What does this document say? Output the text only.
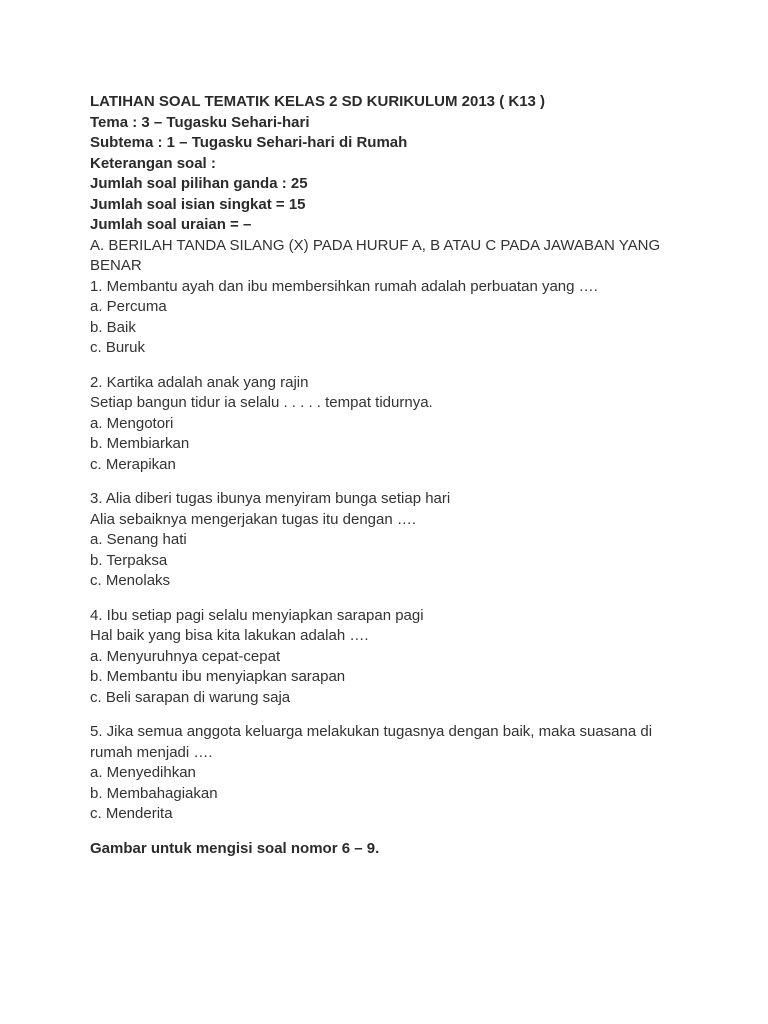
LATIHAN SOAL TEMATIK KELAS 2 SD KURIKULUM 2013 ( K13 )
Tema : 3 – Tugasku Sehari-hari
Subtema : 1 – Tugasku Sehari-hari di Rumah
Keterangan soal :
Jumlah soal pilihan ganda : 25
Jumlah soal isian singkat = 15
Jumlah soal uraian = –
A. BERILAH TANDA SILANG (X) PADA HURUF A, B ATAU C PADA JAWABAN YANG BENAR
1. Membantu ayah dan ibu membersihkan rumah adalah perbuatan yang ….
a. Percuma
b. Baik
c. Buruk
2. Kartika adalah anak yang rajin
Setiap bangun tidur ia selalu . . . . . tempat tidurnya.
a. Mengotori
b. Membiarkan
c. Merapikan
3. Alia diberi tugas ibunya menyiram bunga setiap hari
Alia sebaiknya mengerjakan tugas itu dengan ….
a. Senang hati
b. Terpaksa
c. Menolaks
4. Ibu setiap pagi selalu menyiapkan sarapan pagi
Hal baik yang bisa kita lakukan adalah ….
a. Menyuruhnya cepat-cepat
b. Membantu ibu menyiapkan sarapan
c. Beli sarapan di warung saja
5. Jika semua anggota keluarga melakukan tugasnya dengan baik, maka suasana di rumah menjadi ….
a. Menyedihkan
b. Membahagiakan
c. Menderita
Gambar untuk mengisi soal nomor 6 – 9.
